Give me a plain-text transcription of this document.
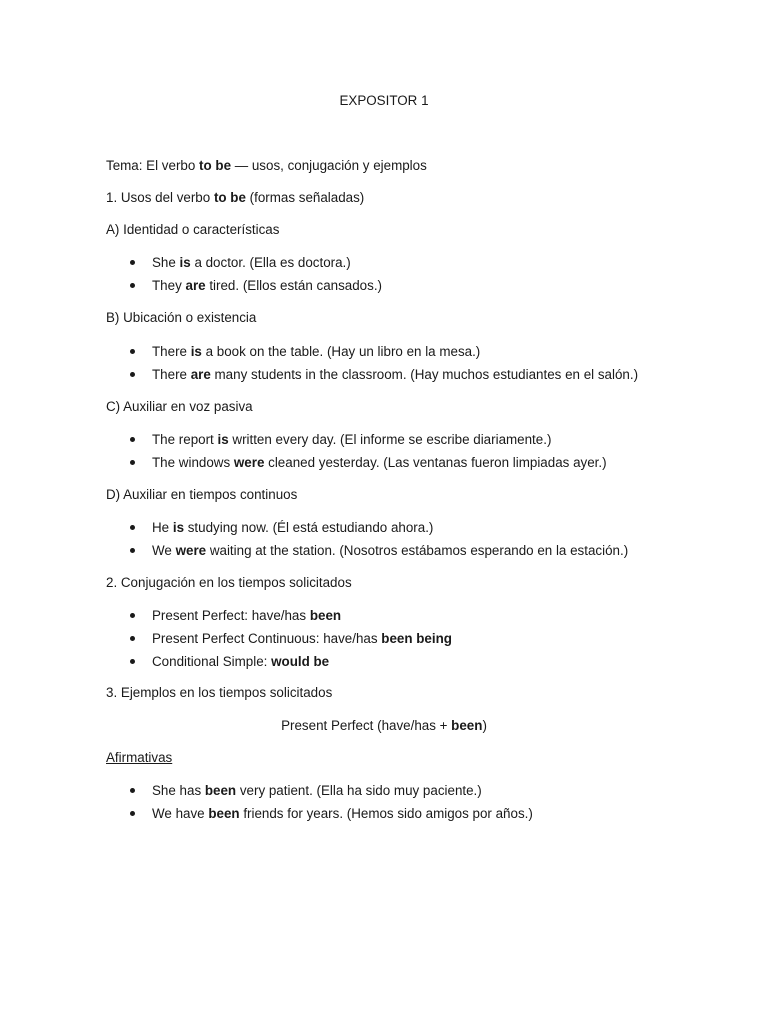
EXPOSITOR 1
Tema: El verbo to be — usos, conjugación y ejemplos
1. Usos del verbo to be (formas señaladas)
A) Identidad o características
She is a doctor. (Ella es doctora.)
They are tired. (Ellos están cansados.)
B) Ubicación o existencia
There is a book on the table. (Hay un libro en la mesa.)
There are many students in the classroom. (Hay muchos estudiantes en el salón.)
C) Auxiliar en voz pasiva
The report is written every day. (El informe se escribe diariamente.)
The windows were cleaned yesterday. (Las ventanas fueron limpiadas ayer.)
D) Auxiliar en tiempos continuos
He is studying now. (Él está estudiando ahora.)
We were waiting at the station. (Nosotros estábamos esperando en la estación.)
2. Conjugación en los tiempos solicitados
Present Perfect: have/has been
Present Perfect Continuous: have/has been being
Conditional Simple: would be
3. Ejemplos en los tiempos solicitados
Present Perfect (have/has + been)
Afirmativas
She has been very patient. (Ella ha sido muy paciente.)
We have been friends for years. (Hemos sido amigos por años.)
